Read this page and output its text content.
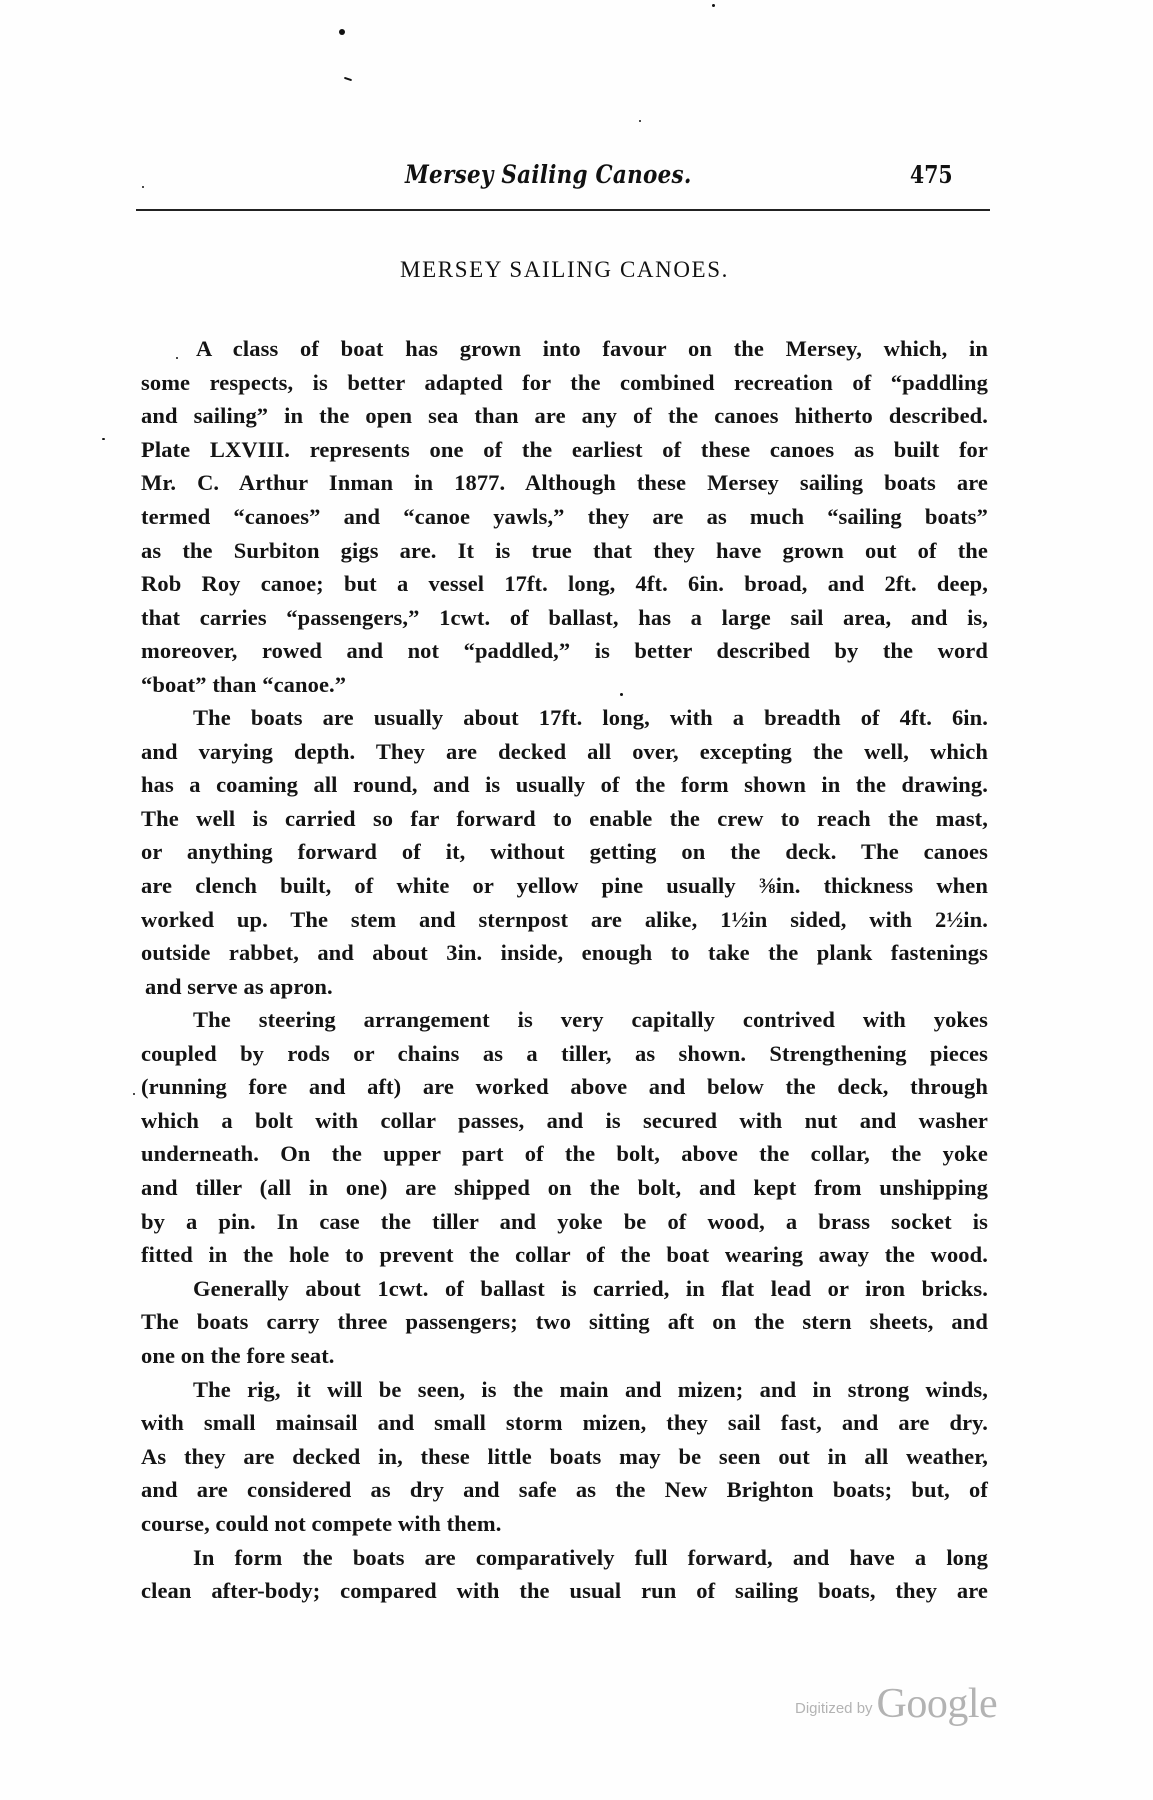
Mersey Sailing Canoes.	475
MERSEY SAILING CANOES.
A class of boat has grown into favour on the Mersey, which, in
some respects, is better adapted for the combined recreation of “paddling
and sailing” in the open sea than are any of the canoes hitherto described.
Plate LXVIII. represents one of the earliest of these canoes as built for
Mr. C. Arthur Inman in 1877. Although these Mersey sailing boats are
termed “canoes” and “canoe yawls,” they are as much “sailing boats”
as the Surbiton gigs are. It is true that they have grown out of the
Rob Roy canoe; but a vessel 17ft. long, 4ft. 6in. broad, and 2ft. deep,
that carries “passengers,” 1cwt. of ballast, has a large sail area, and is,
moreover, rowed and not “paddled,” is better described by the word
“boat” than “canoe.”
The boats are usually about 17ft. long, with a breadth of 4ft. 6in.
and varying depth. They are decked all over, excepting the well, which
has a coaming all round, and is usually of the form shown in the drawing.
The well is carried so far forward to enable the crew to reach the mast,
or anything forward of it, without getting on the deck. The canoes
are clench built, of white or yellow pine usually ⅜in. thickness when
worked up. The stem and sternpost are alike, 1½in sided, with 2½in.
outside rabbet, and about 3in. inside, enough to take the plank fastenings
and serve as apron.
The steering arrangement is very capitally contrived with yokes
coupled by rods or chains as a tiller, as shown. Strengthening pieces
(running fore and aft) are worked above and below the deck, through
which a bolt with collar passes, and is secured with nut and washer
underneath. On the upper part of the bolt, above the collar, the yoke
and tiller (all in one) are shipped on the bolt, and kept from unshipping
by a pin. In case the tiller and yoke be of wood, a brass socket is
fitted in the hole to prevent the collar of the boat wearing away the wood.
Generally about 1cwt. of ballast is carried, in flat lead or iron bricks.
The boats carry three passengers; two sitting aft on the stern sheets, and
one on the fore seat.
The rig, it will be seen, is the main and mizen; and in strong winds,
with small mainsail and small storm mizen, they sail fast, and are dry.
As they are decked in, these little boats may be seen out in all weather,
and are considered as dry and safe as the New Brighton boats; but, of
course, could not compete with them.
In form the boats are comparatively full forward, and have a long
clean after-body; compared with the usual run of sailing boats, they are
Digitized by Google
